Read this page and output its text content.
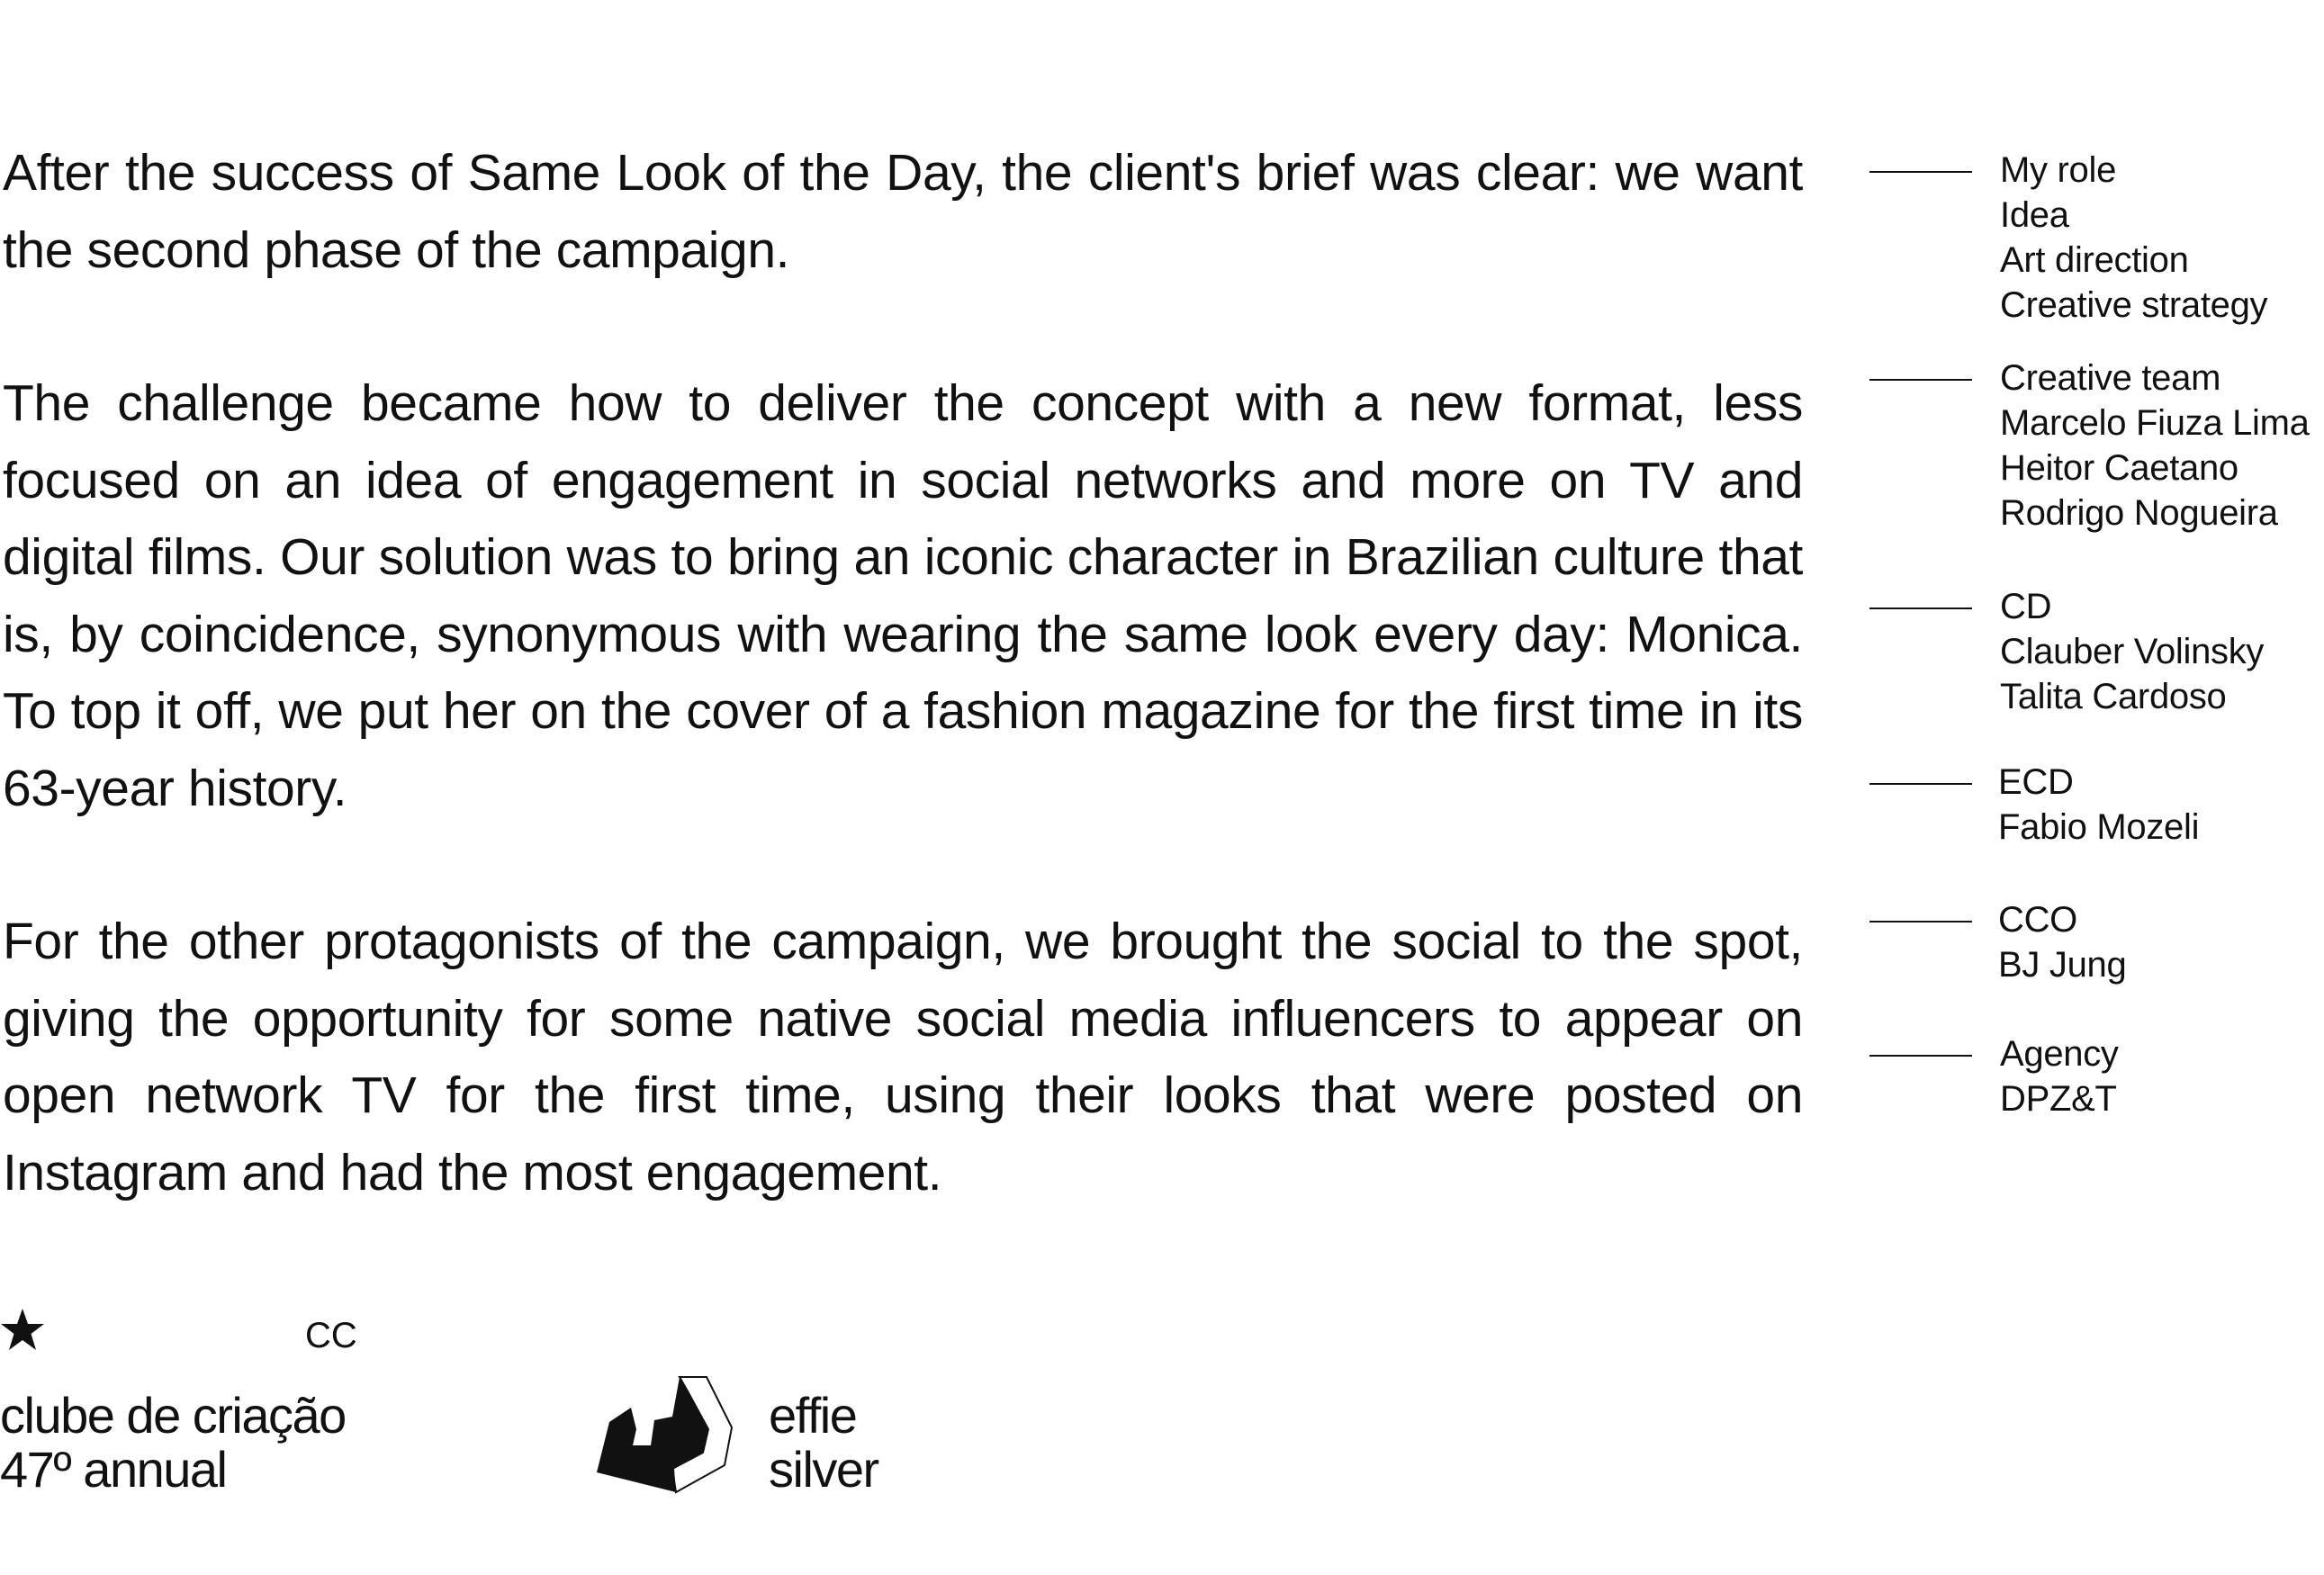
After the success of Same Look of the Day, the client's brief was clear: we want the second phase of the campaign.

The challenge became how to deliver the concept with a new format, less focused on an idea of engagement in social networks and more on TV and digital films. Our solution was to bring an iconic character in Brazilian culture that is, by coincidence, synonymous with wearing the same look every day: Monica. To top it off, we put her on the cover of a fashion magazine for the first time in its 63-year history.

For the other protagonists of the campaign, we brought the social to the spot, giving the opportunity for some native social media influencers to appear on open network TV for the first time, using their looks that were posted on Instagram and had the most engagement.

My role
Idea
Art direction
Creative strategy
Creative team
Marcelo Fiuza Lima
Heitor Caetano
Rodrigo Nogueira
CD
Clauber Volinsky
Talita Cardoso
ECD
Fabio Mozeli
CCO
BJ Jung
Agency
DPZ&T
CC
clube de criação
47º annual
effie
silver
